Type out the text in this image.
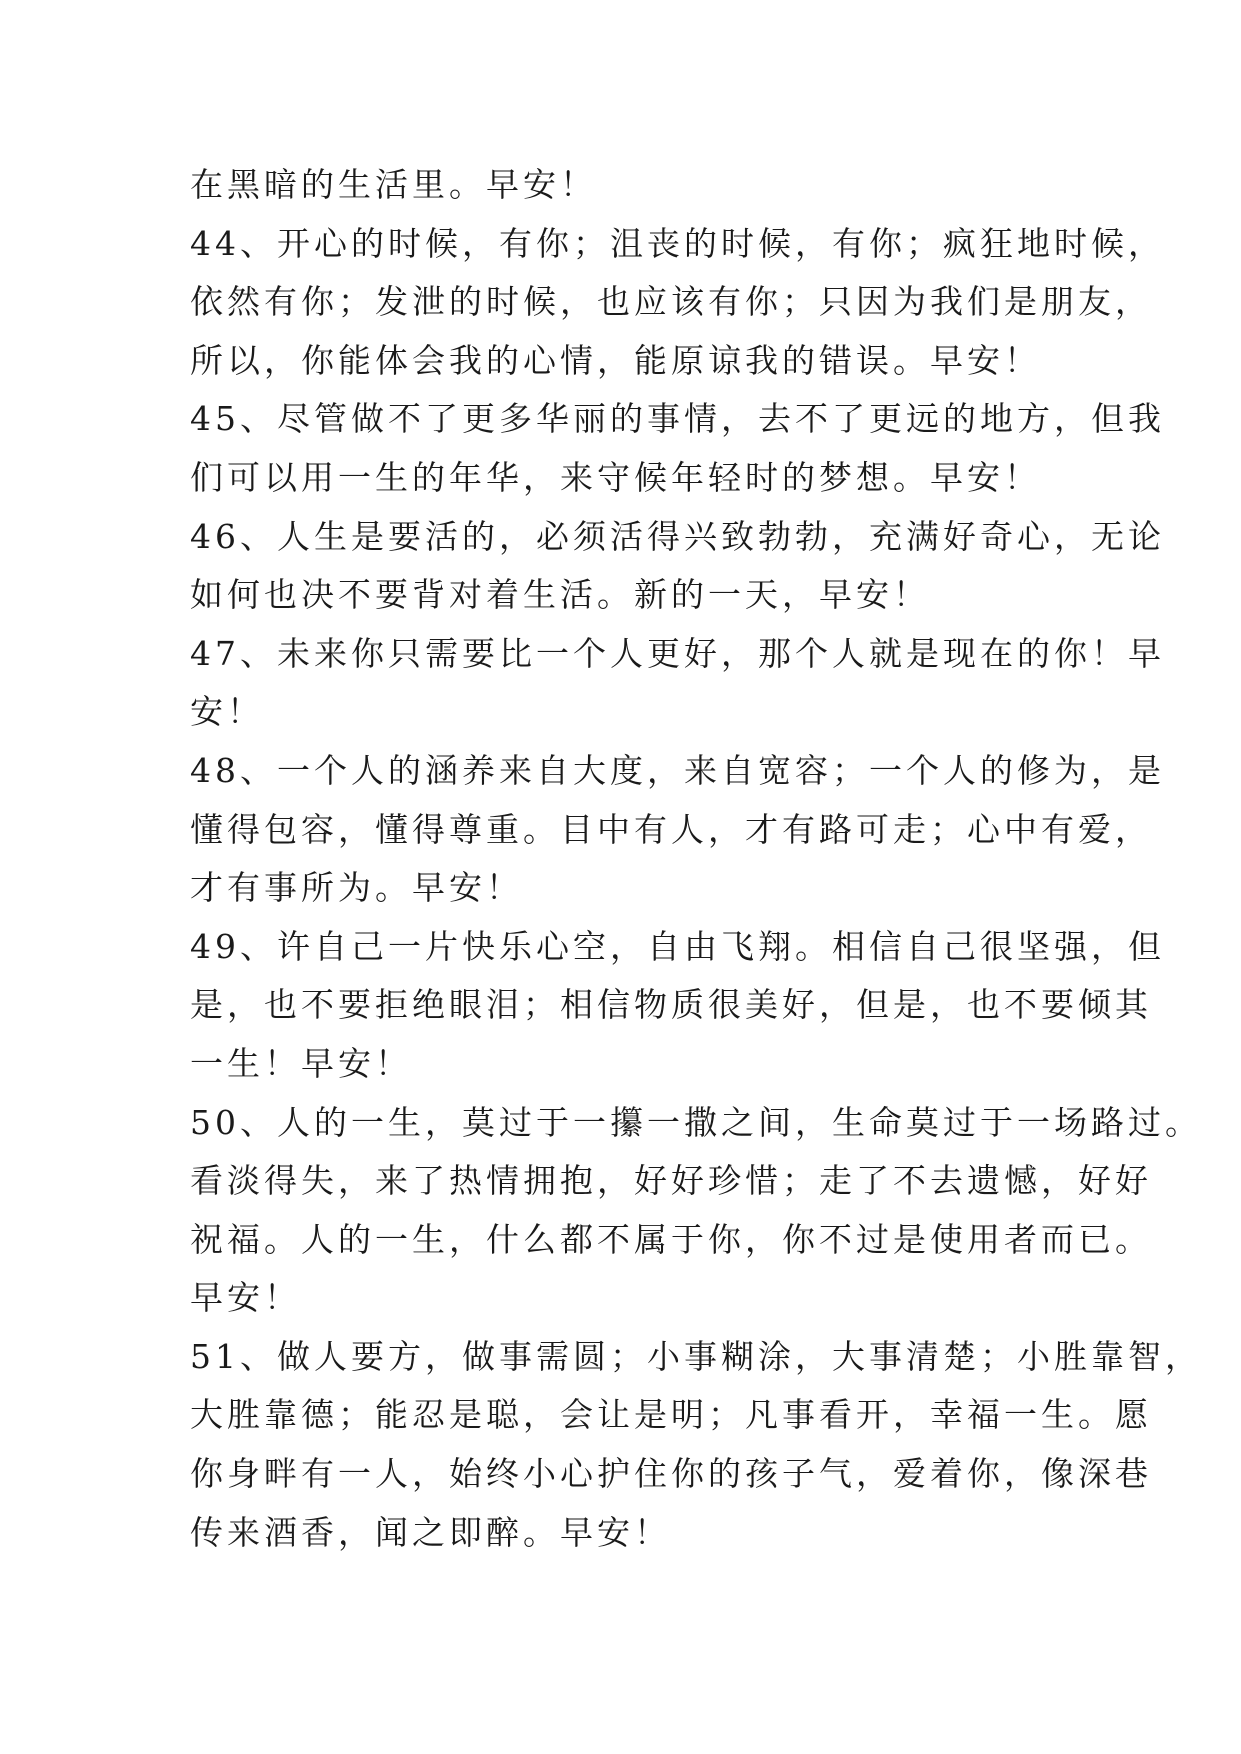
在黑暗的生活里。早安！
44、开心的时候，有你；沮丧的时候，有你；疯狂地时候，
依然有你；发泄的时候，也应该有你；只因为我们是朋友，
所以，你能体会我的心情，能原谅我的错误。早安！
45、尽管做不了更多华丽的事情，去不了更远的地方，但我
们可以用一生的年华，来守候年轻时的梦想。早安！
46、人生是要活的，必须活得兴致勃勃，充满好奇心，无论
如何也决不要背对着生活。新的一天，早安！
47、未来你只需要比一个人更好，那个人就是现在的你！早
安！
48、一个人的涵养来自大度，来自宽容；一个人的修为，是
懂得包容，懂得尊重。目中有人，才有路可走；心中有爱，
才有事所为。早安！
49、许自己一片快乐心空，自由飞翔。相信自己很坚强，但
是，也不要拒绝眼泪；相信物质很美好，但是，也不要倾其
一生！早安！
50、人的一生，莫过于一攥一撒之间，生命莫过于一场路过。
看淡得失，来了热情拥抱，好好珍惜；走了不去遗憾，好好
祝福。人的一生，什么都不属于你，你不过是使用者而已。
早安！
51、做人要方，做事需圆；小事糊涂，大事清楚；小胜靠智，
大胜靠德；能忍是聪，会让是明；凡事看开，幸福一生。愿
你身畔有一人，始终小心护住你的孩子气，爱着你，像深巷
传来酒香，闻之即醉。早安！
